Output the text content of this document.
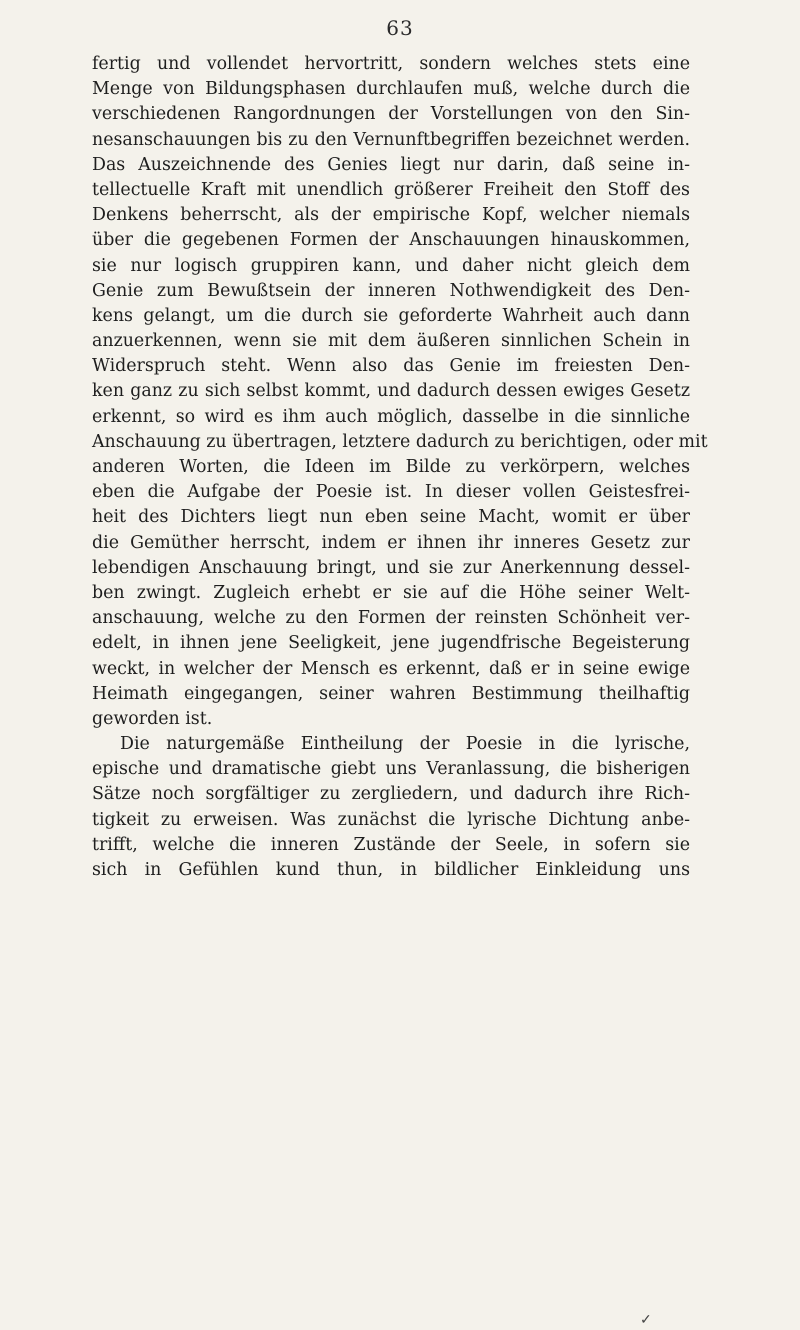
63
fertig und vollendet hervortritt, sondern welches stets eine
Menge von Bildungsphasen durchlaufen muß, welche durch die
verschiedenen Rangordnungen der Vorstellungen von den Sin-
nesanschauungen bis zu den Vernunftbegriffen bezeichnet werden.
Das Auszeichnende des Genies liegt nur darin, daß seine in-
tellectuelle Kraft mit unendlich größerer Freiheit den Stoff des
Denkens beherrscht, als der empirische Kopf, welcher niemals
über die gegebenen Formen der Anschauungen hinauskommen,
sie nur logisch gruppiren kann, und daher nicht gleich dem
Genie zum Bewußtsein der inneren Nothwendigkeit des Den-
kens gelangt, um die durch sie geforderte Wahrheit auch dann
anzuerkennen, wenn sie mit dem äußeren sinnlichen Schein in
Widerspruch steht. Wenn also das Genie im freiesten Den-
ken ganz zu sich selbst kommt, und dadurch dessen ewiges Gesetz
erkennt, so wird es ihm auch möglich, dasselbe in die sinnliche
Anschauung zu übertragen, letztere dadurch zu berichtigen, oder mit
anderen Worten, die Ideen im Bilde zu verkörpern, welches
eben die Aufgabe der Poesie ist. In dieser vollen Geistesfrei-
heit des Dichters liegt nun eben seine Macht, womit er über
die Gemüther herrscht, indem er ihnen ihr inneres Gesetz zur
lebendigen Anschauung bringt, und sie zur Anerkennung dessel-
ben zwingt. Zugleich erhebt er sie auf die Höhe seiner Welt-
anschauung, welche zu den Formen der reinsten Schönheit ver-
edelt, in ihnen jene Seeligkeit, jene jugendfrische Begeisterung
weckt, in welcher der Mensch es erkennt, daß er in seine ewige
Heimath eingegangen, seiner wahren Bestimmung theilhaftig
geworden ist.
Die naturgemäße Eintheilung der Poesie in die lyrische,
epische und dramatische giebt uns Veranlassung, die bisherigen
Sätze noch sorgfältiger zu zergliedern, und dadurch ihre Rich-
tigkeit zu erweisen. Was zunächst die lyrische Dichtung anbe-
trifft, welche die inneren Zustände der Seele, in sofern sie
sich in Gefühlen kund thun, in bildlicher Einkleidung uns
✓
